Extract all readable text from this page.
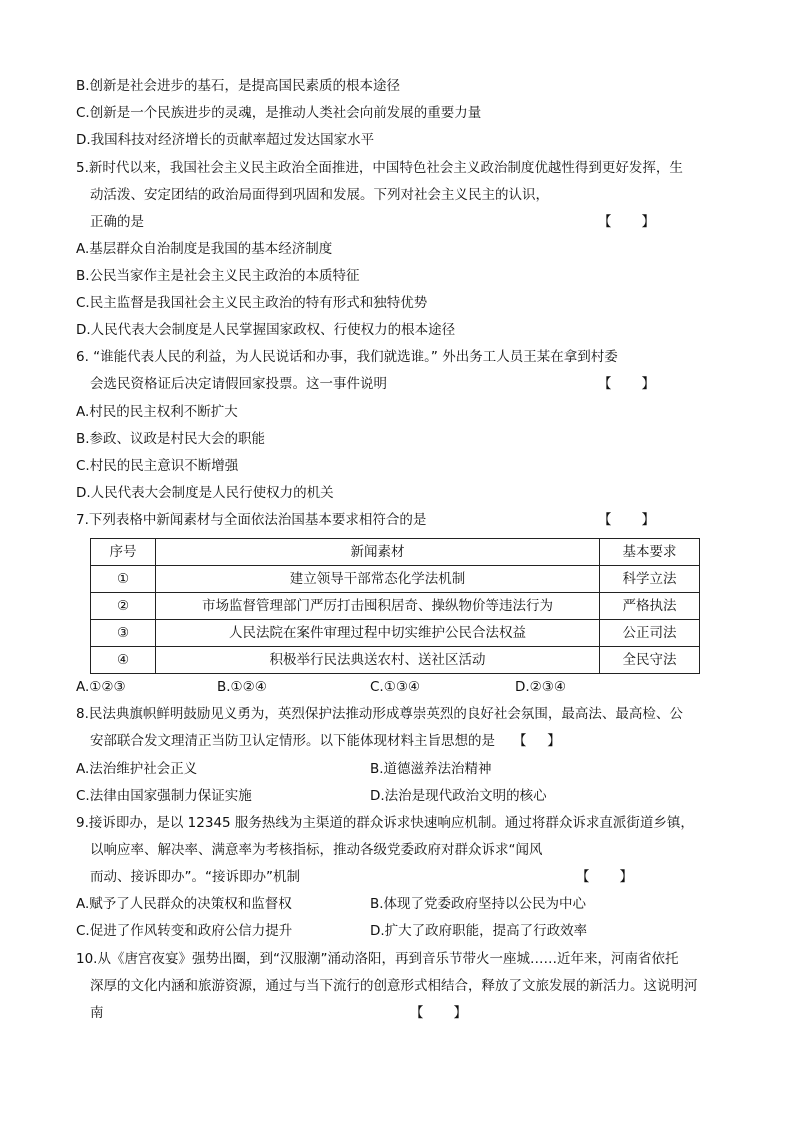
B.创新是社会进步的基石，是提高国民素质的根本途径
C.创新是一个民族进步的灵魂，是推动人类社会向前发展的重要力量
D.我国科技对经济增长的贡献率超过发达国家水平
5.新时代以来，我国社会主义民主政治全面推进，中国特色社会主义政治制度优越性得到更好发挥，生
动活泼、安定团结的政治局面得到巩固和发展。下列对社会主义民主的认识，
正确的是	【　　】
A.基层群众自治制度是我国的基本经济制度
B.公民当家作主是社会主义民主政治的本质特征
C.民主监督是我国社会主义民主政治的特有形式和独特优势
D.人民代表大会制度是人民掌握国家政权、行使权力的根本途径
6. “谁能代表人民的利益，为人民说话和办事，我们就选谁。” 外出务工人员王某在拿到村委
会选民资格证后决定请假回家投票。这一事件说明	【　　】
A.村民的民主权利不断扩大
B.参政、议政是村民大会的职能
C.村民的民主意识不断增强
D.人民代表大会制度是人民行使权力的机关
7.下列表格中新闻素材与全面依法治国基本要求相符合的是	【　　】
序号	新闻素材	基本要求
①	建立领导干部常态化学法机制	科学立法
②	市场监督管理部门严厉打击囤积居奇、操纵物价等违法行为	严格执法
③	人民法院在案件审理过程中切实维护公民合法权益	公正司法
④	积极举行民法典送农村、送社区活动	全民守法
A.①②③	B.①②④	C.①③④	D.②③④
8.民法典旗帜鲜明鼓励见义勇为，英烈保护法推动形成尊崇英烈的良好社会氛围，最高法、最高检、公
安部联合发文理清正当防卫认定情形。以下能体现材料主旨思想的是 【　 】
A.法治维护社会正义	B.道德滋养法治精神
C.法律由国家强制力保证实施	D.法治是现代政治文明的核心
9.接诉即办，是以 12345 服务热线为主渠道的群众诉求快速响应机制。通过将群众诉求直派街道乡镇，
以响应率、解决率、满意率为考核指标，推动各级党委政府对群众诉求“闻风
而动、接诉即办”。“接诉即办”机制	【　　】
A.赋予了人民群众的决策权和监督权	B.体现了党委政府坚持以公民为中心
C.促进了作风转变和政府公信力提升	D.扩大了政府职能，提高了行政效率
10.从《唐宫夜宴》强势出圈，到“汉服潮”涌动洛阳，再到音乐节带火一座城……近年来，河南省依托
深厚的文化内涵和旅游资源，通过与当下流行的创意形式相结合，释放了文旅发展的新活力。这说明河
南	【　　】
